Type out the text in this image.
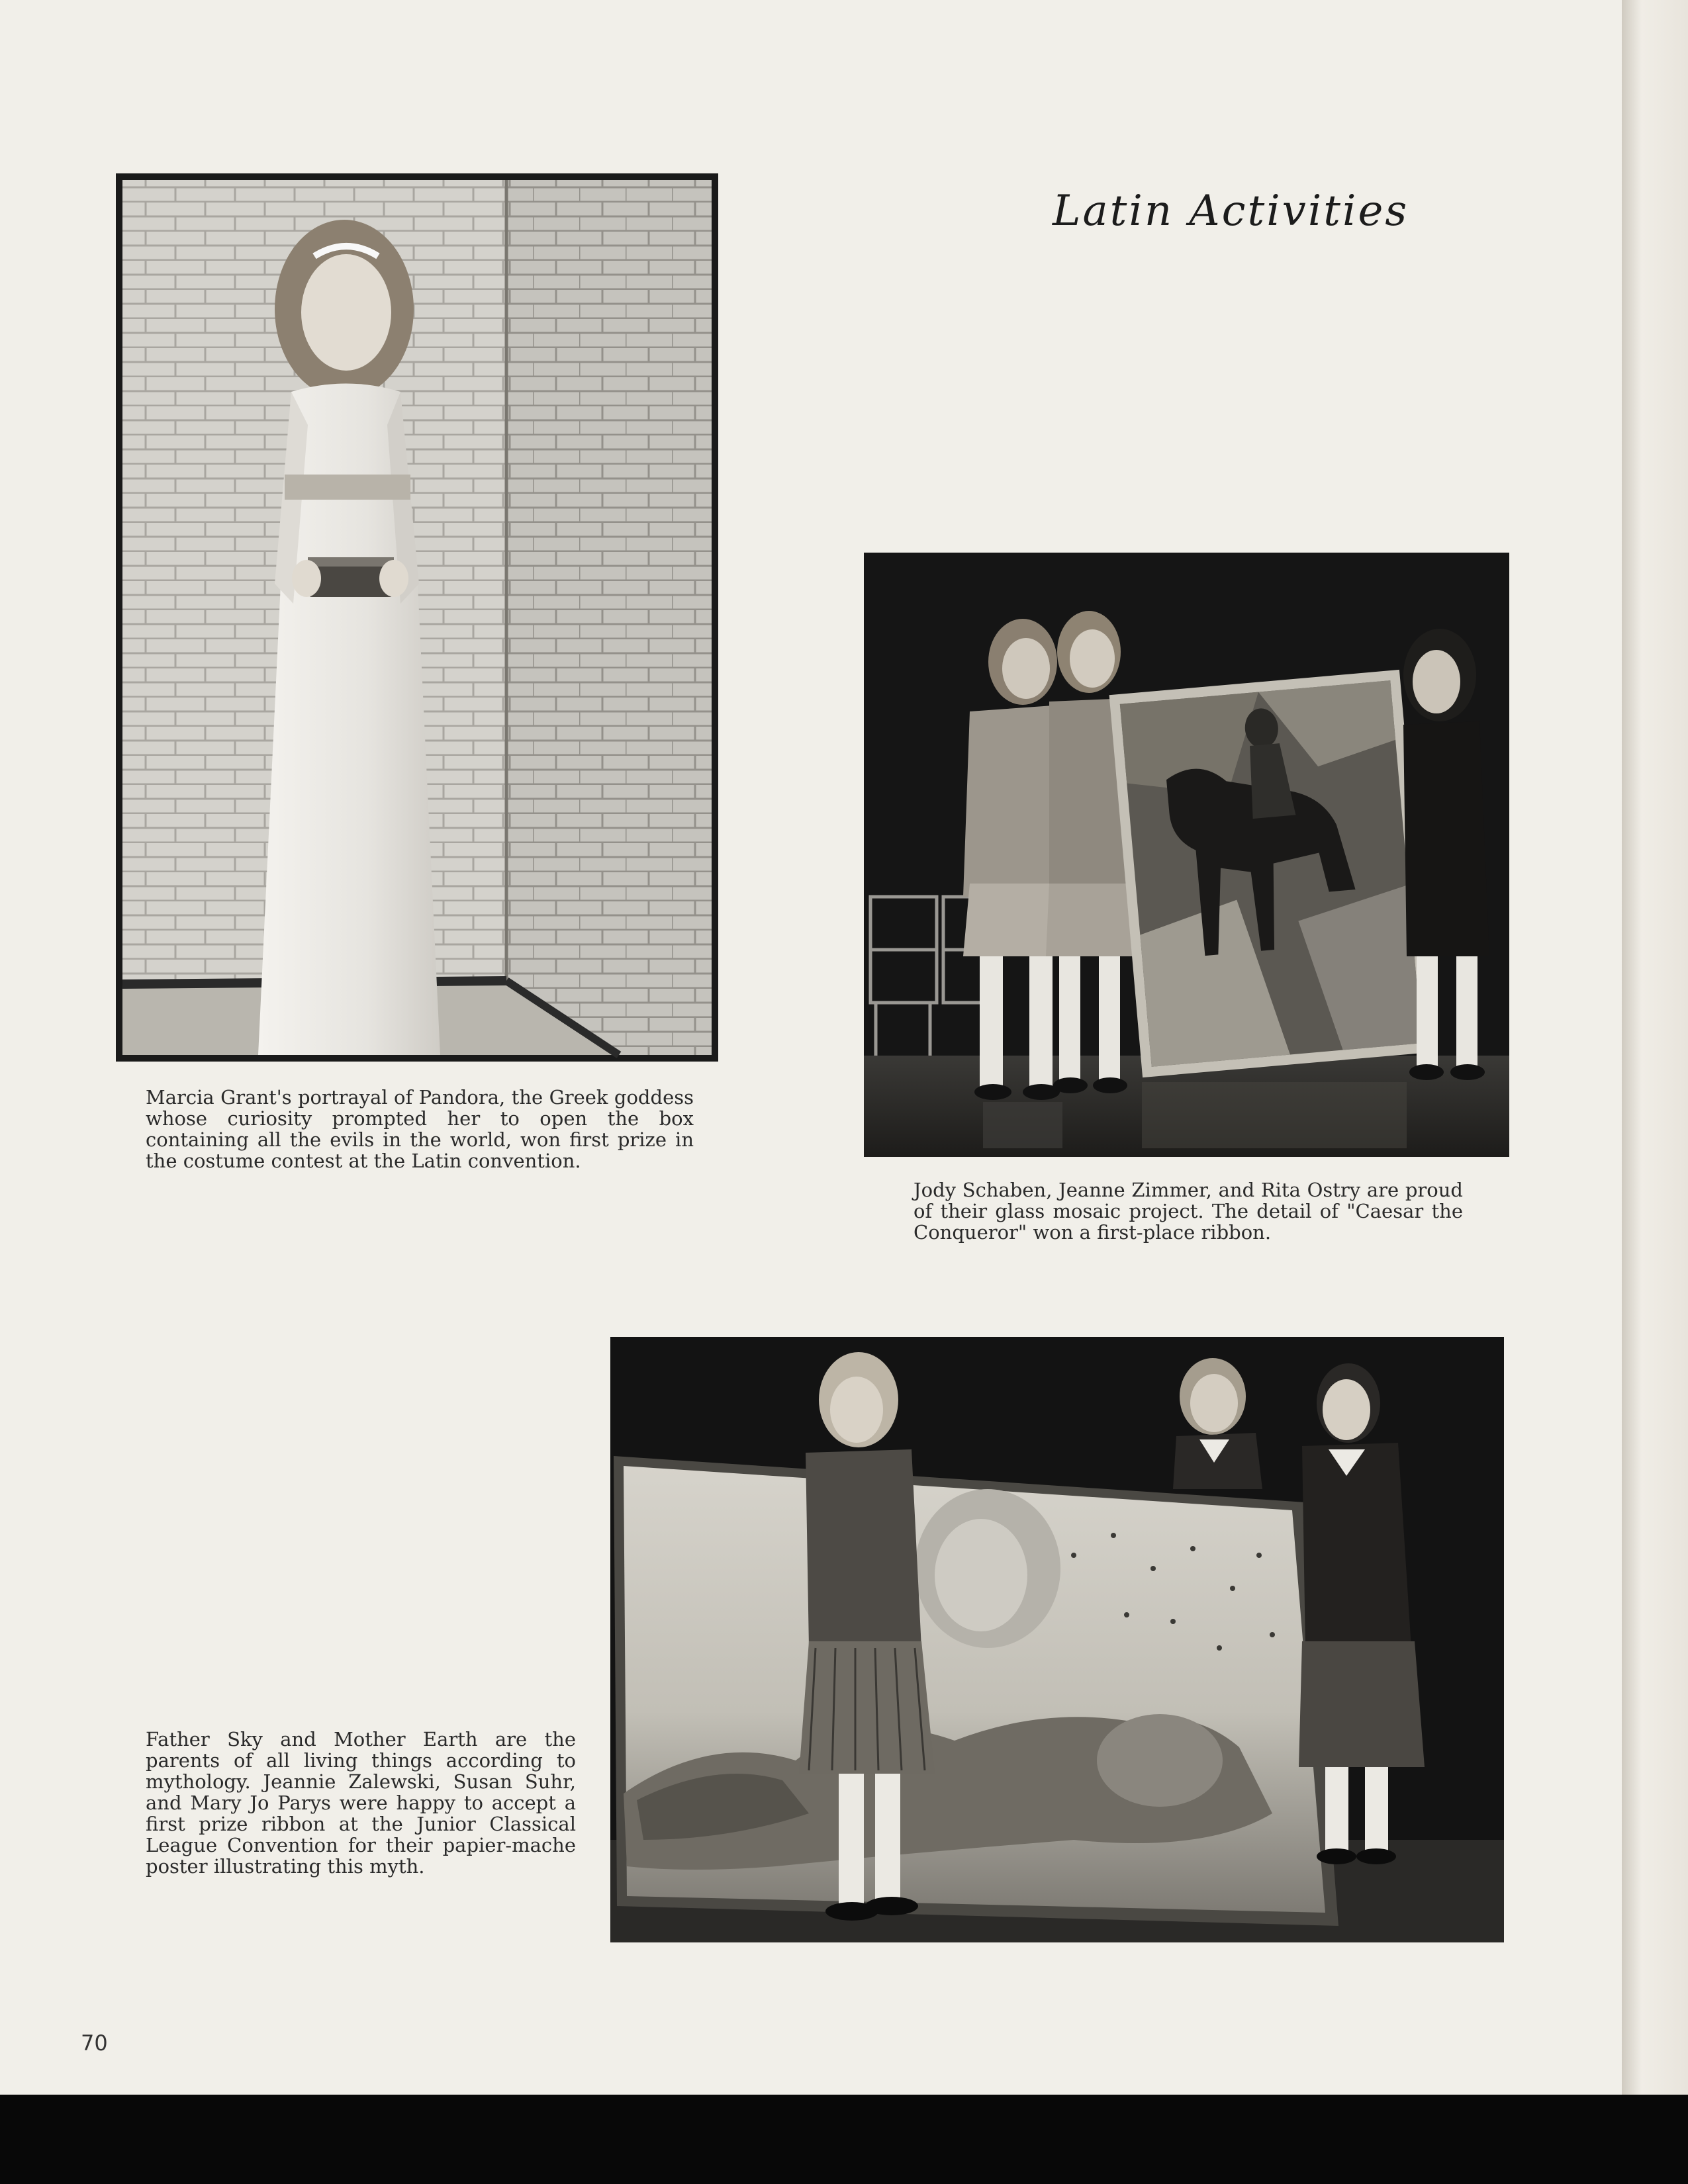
Latin Activities

Marcia Grant's portrayal of Pandora, the Greek goddess whose curiosity prompted her to open the box containing all the evils in the world, won first prize in the costume contest at the Latin convention.

Jody Schaben, Jeanne Zimmer, and Rita Ostry are proud of their glass mosaic project. The detail of "Caesar the Conqueror" won a first-place ribbon.

Father Sky and Mother Earth are the parents of all living things according to mythology. Jeannie Zalewski, Susan Suhr, and Mary Jo Parys were happy to accept a first prize ribbon at the Junior Classical League Convention for their papier-mache poster illustrating this myth.

70
